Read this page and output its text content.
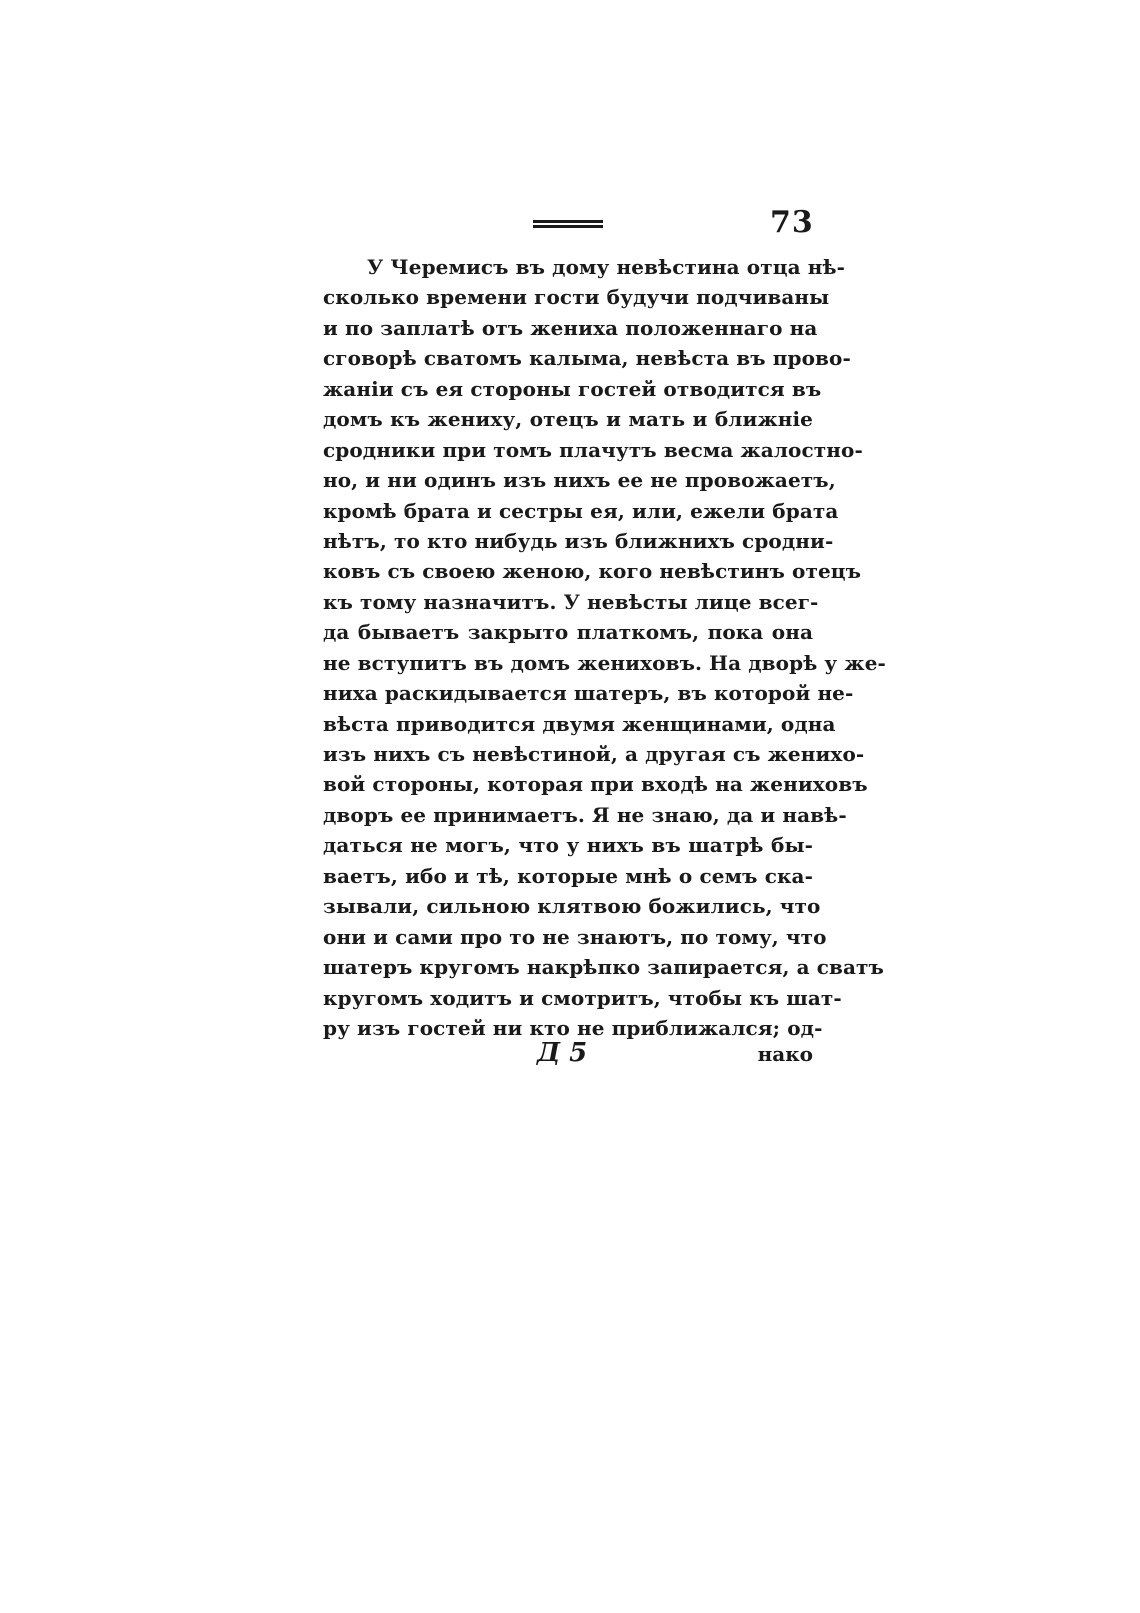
73
У Черемисъ въ дому невѣстина отца нѣ-
сколько времени гости будучи подчиваны
и по заплатѣ отъ жениха положеннаго на
сговорѣ сватомъ калыма, невѣста въ прово-
жанiи съ ея стороны гостей отводится въ
домъ къ жениху, отецъ и мать и ближнiе
сродники при томъ плачутъ весма жалостно-
но, и ни одинъ изъ нихъ ее не провожаетъ,
кромѣ брата и сестры ея, или, ежели брата
нѣтъ, то кто нибудь изъ ближнихъ сродни-
ковъ съ своею женою, кого невѣстинъ отецъ
къ тому назначитъ. У невѣсты лице всег-
да бываетъ закрыто платкомъ, пока она
не вступитъ въ домъ жениховъ. На дворѣ у же-
ниха раскидывается шатеръ, въ которой не-
вѣста приводится двумя женщинами, одна
изъ нихъ съ невѣстиной, а другая съ женихо-
вой стороны, которая при входѣ на жениховъ
дворъ ее принимаетъ. Я не знаю, да и навѣ-
даться не могъ, что у нихъ въ шатрѣ бы-
ваетъ, ибо и тѣ, которые мнѣ о семъ ска-
зывали, сильною клятвою божились, что
они и сами про то не знаютъ, по тому, что
шатеръ кругомъ накрѣпко запирается, а сватъ
кругомъ ходитъ и смотритъ, чтобы къ шат-
ру изъ гостей ни кто не приближался; од-
Д 5	нако
